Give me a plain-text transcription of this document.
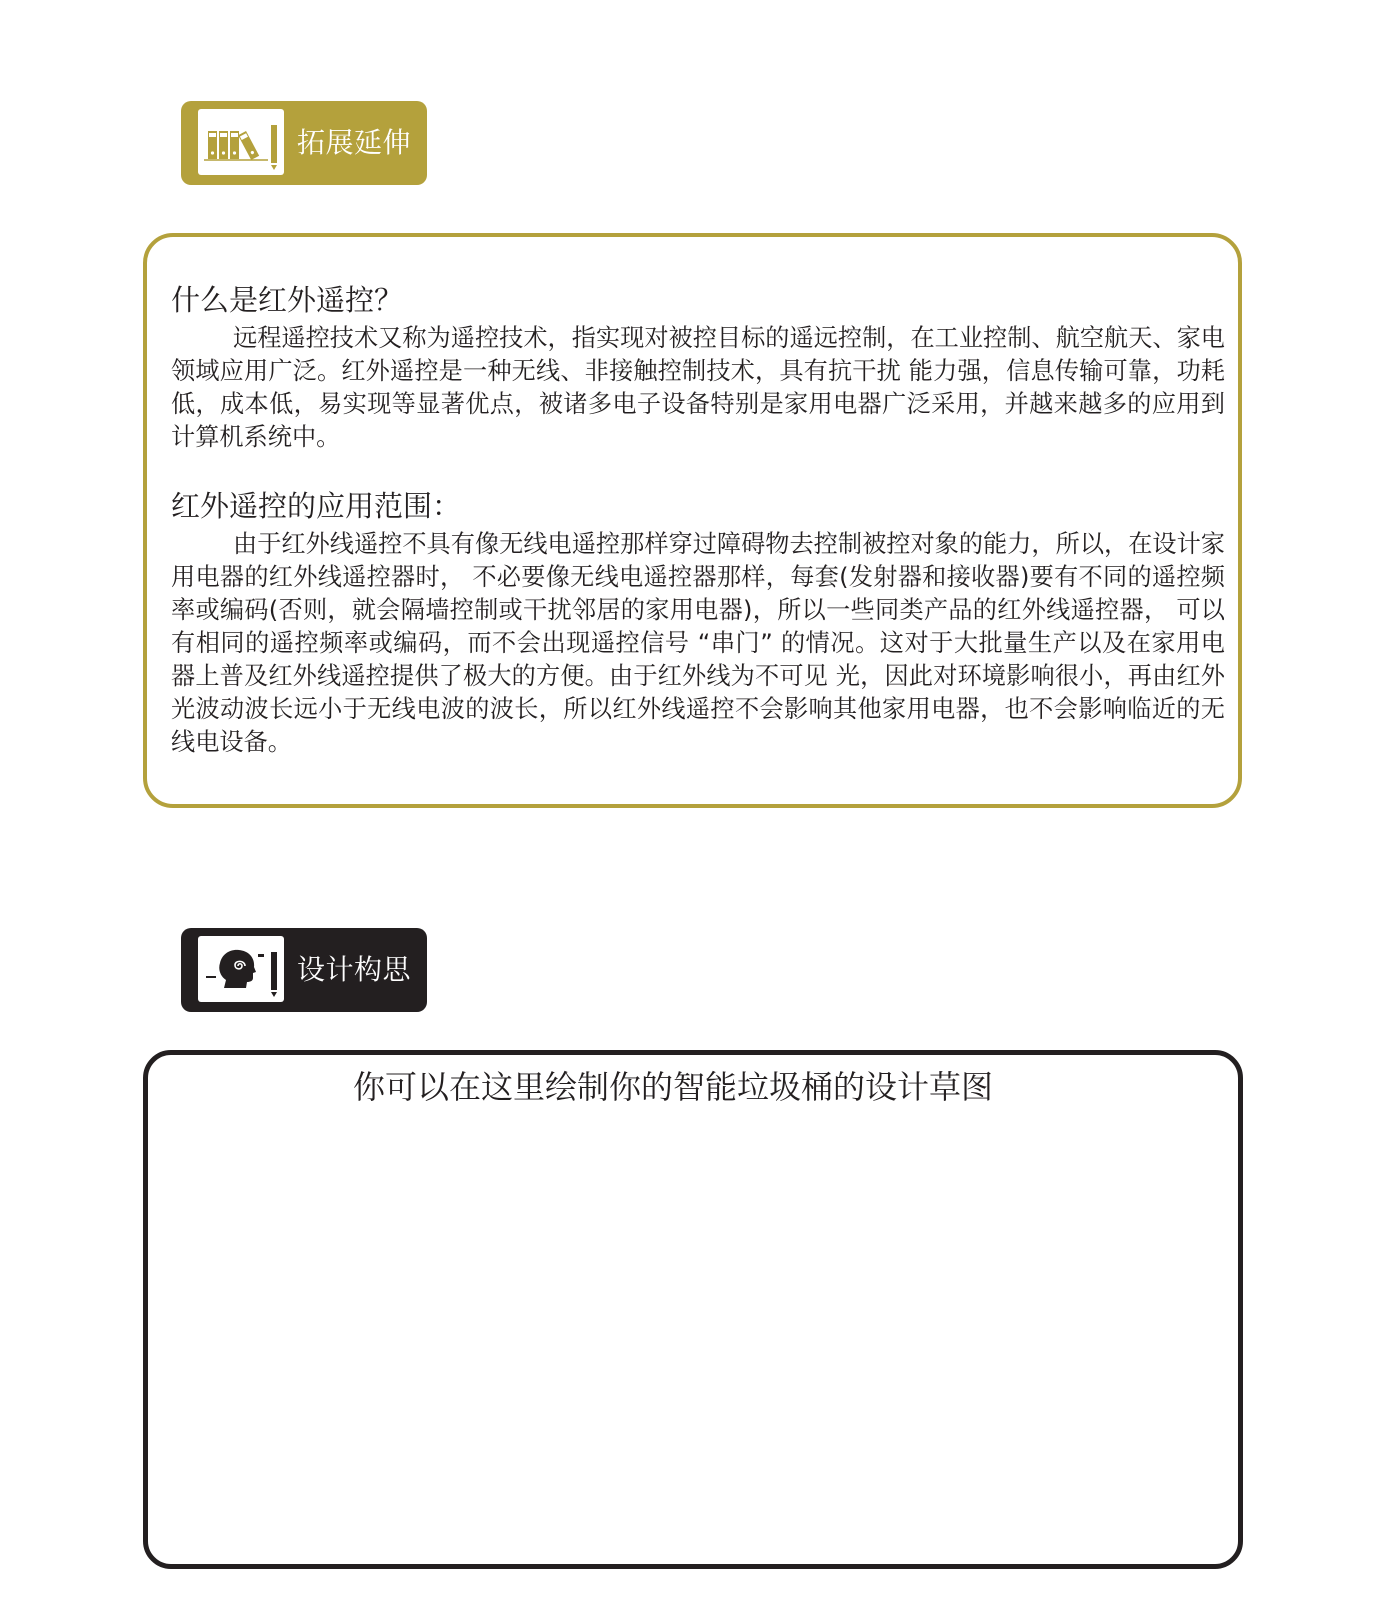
拓展延伸
什么是红外遥控？

远程遥控技术又称为遥控技术，指实现对被控目标的遥远控制，在工业控制、航空航天、家电领域应用广泛。红外遥控是一种无线、非接触控制技术，具有抗干扰 能力强，信息传输可靠，功耗低，成本低，易实现等显著优点，被诸多电子设备特别是家用电器广泛采用，并越来越多的应用到计算机系统中。

红外遥控的应用范围：

由于红外线遥控不具有像无线电遥控那样穿过障碍物去控制被控对象的能力，所以，在设计家用电器的红外线遥控器时， 不必要像无线电遥控器那样，每套(发射器和接收器)要有不同的遥控频率或编码(否则，就会隔墙控制或干扰邻居的家用电器)，所以一些同类产品的红外线遥控器， 可以有相同的遥控频率或编码，而不会出现遥控信号 “串门” 的情况。这对于大批量生产以及在家用电器上普及红外线遥控提供了极大的方便。由于红外线为不可见 光，因此对环境影响很小，再由红外光波动波长远小于无线电波的波长，所以红外线遥控不会影响其他家用电器，也不会影响临近的无线电设备。

设计构思
你可以在这里绘制你的智能垃圾桶的设计草图
